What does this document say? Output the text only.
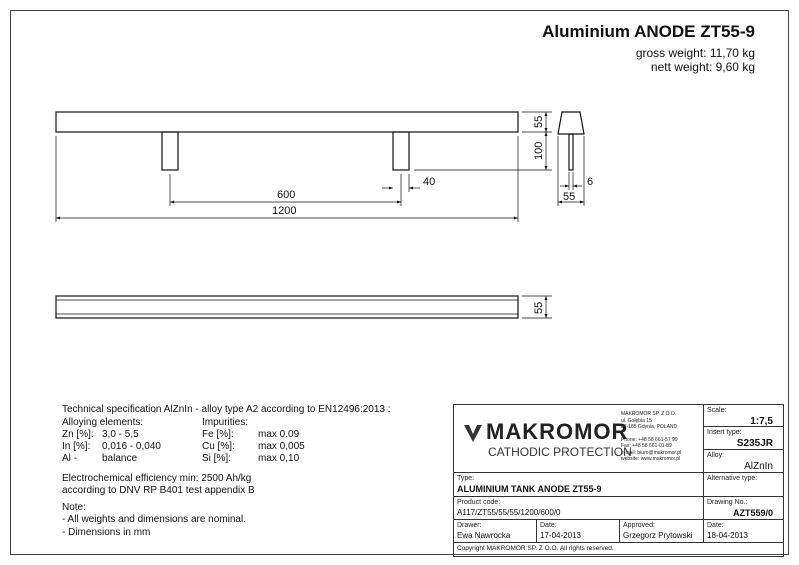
Aluminium ANODE ZT55-9
gross weight: 11,70 kg
nett weight: 9,60 kg
55
100
600
40
1200
6
55
55
Technical specification AlZnIn - alloy type A2 according to EN12496:2013 :
Alloying elements:		Impurities:	
Zn [%]:	3,0 - 5,5	Fe [%]:	max 0.09
In [%]:	0,016 - 0,040	Cu [%]:	max 0,005
Al -	balance	Si [%]:	max 0,10
Electrochemical efficiency min: 2500 Ah/kg
according to DNV RP B401 test appendix B
Note:
- All weights and dimensions are nominal.
- Dimensions in mm
MAKROMOR
CATHODIC PROTECTION
MAKROMOR SP. Z O.O.
ul. Gołębia 15
81-185 Gdynia, POLAND
Phone: +48 58 661-57 99
Fax: +48 58 661-01-89
e-mail: biuro@makromor.pl
website: www.makromor.pl
Scale:
1:7,5
Insert type:
S235JR
Alloy:
AlZnIn
Type:
ALUMINIUM TANK ANODE ZT55-9
Alternative type:
Product code:
A117/ZT55/55/55/1200/600/0
Drawing No.:
AZT559/0
Drawer:
Ewa Nawrocka
Date:
17-04-2013
Approved:
Grzegorz Prytowski
Date:
18-04-2013
Copyright MAKROMOR SP. Z O.O. All rights reserved.
